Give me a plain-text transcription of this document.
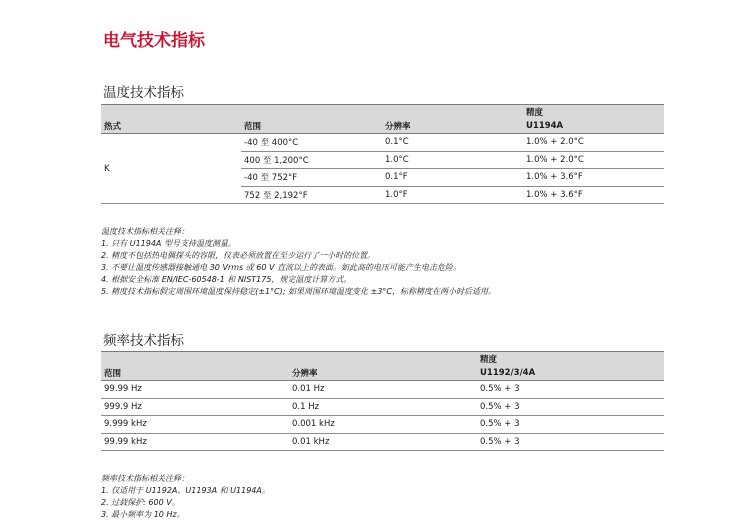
电气技术指标
温度技术指标
			精度
热式	范围	分辨率	U1194A
K	-40 至 400°C	0.1°C	1.0% + 2.0°C
	400 至 1,200°C	1.0°C	1.0% + 2.0°C
	-40 至 752°F	0.1°F	1.0% + 3.6°F
	752 至 2,192°F	1.0°F	1.0% + 3.6°F
温度技术指标相关注释：
1. 只有 U1194A 型号支持温度测量。
2. 精度不包括热电偶探头的容限，仪表必须放置在至少运行了一小时的位置。
3. 不要让温度传感器接触通电 30 Vrms 或 60 V 直流以上的表面。如此高的电压可能产生电击危险。
4. 根据安全标准 EN/IEC-60548-1 和 NIST175，规定温度计算方式。
5. 精度技术指标假定周围环境温度保持稳定(±1°C); 如果周围环境温度变化 ±3°C，标称精度在两小时后适用。
频率技术指标
		精度
范围	分辨率	U1192/3/4A
99.99 Hz	0.01 Hz	0.5% + 3
999.9 Hz	0.1 Hz	0.5% + 3
9.999 kHz	0.001 kHz	0.5% + 3
99.99 kHz	0.01 kHz	0.5% + 3
频率技术指标相关注释：
1. 仅适用于 U1192A、U1193A 和 U1194A。
2. 过载保护: 600 V。
3. 最小频率为 10 Hz。
